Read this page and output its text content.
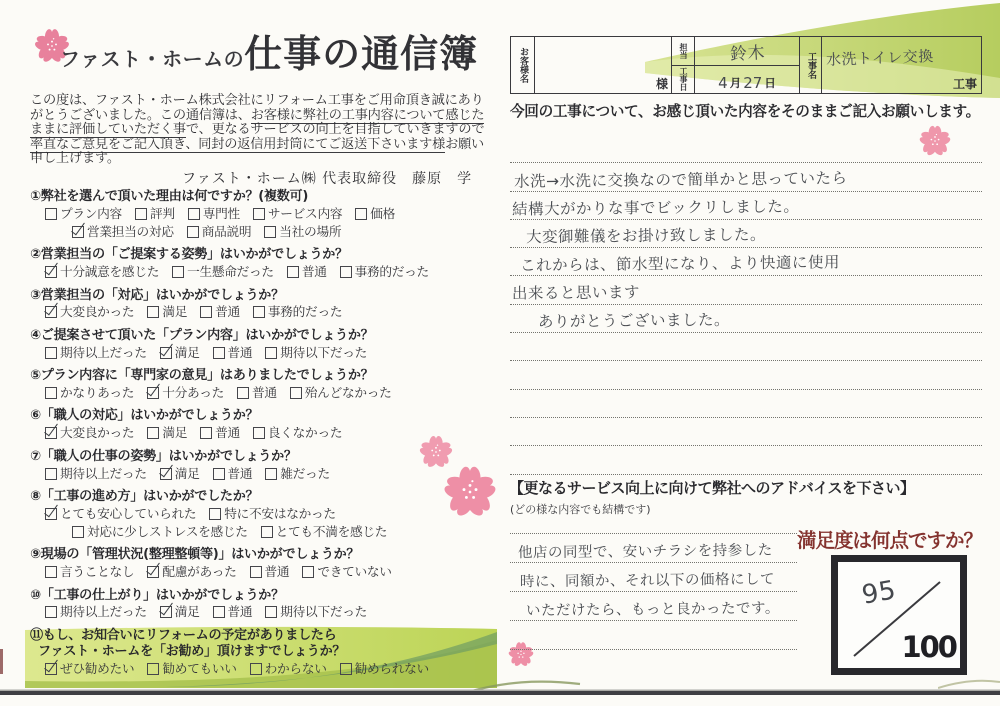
ファスト・ホームの 仕事の通信簿
この度は、ファスト・ホーム株式会社にリフォーム工事をご用命頂き誠にありがとうございました。この通信簿は、お客様に弊社の工事内容について感じたままに評価していただく事で、更なるサービスの向上を目指していきますので率直なご意見をご記入頂き、同封の返信用封筒にてご返送下さいます様お願い申し上げます。
ファスト・ホーム㈱ 代表取締役　藤原　学
①弊社を選んで頂いた理由は何ですか？(複数可)
プラン内容 評判 専門性 サービス内容 価格
営業担当の対応 商品説明 当社の場所
②営業担当の「ご提案する姿勢」はいかがでしょうか？
十分誠意を感じた 一生懸命だった 普通 事務的だった
③営業担当の「対応」はいかがでしょうか？
大変良かった 満足 普通 事務的だった
④ご提案させて頂いた「プラン内容」はいかがでしょうか？
期待以上だった 満足 普通 期待以下だった
⑤プラン内容に「専門家の意見」はありましたでしょうか？
かなりあった 十分あった 普通 殆んどなかった
⑥「職人の対応」はいかがでしょうか？
大変良かった 満足 普通 良くなかった
⑦「職人の仕事の姿勢」はいかがでしょうか？
期待以上だった 満足 普通 雑だった
⑧「工事の進め方」はいかがでしたか？
とても安心していられた 特に不安はなかった
対応に少しストレスを感じた とても不満を感じた
⑨現場の「管理状況(整理整頓等)」はいかがでしょうか？
言うことなし 配慮があった 普通 できていない
⑩「工事の仕上がり」はいかがでしょうか？
期待以上だった 満足 普通 期待以下だった
⑪もし、お知合いにリフォームの予定がありましたら
ファスト・ホームを「お勧め」頂けますでしょうか？
ぜひ勧めたい 勧めてもいい わからない 勧められない
お客様名
様
担当
工事日
鈴木
4 月 27 日
工事名 水洗トイレ交換
工事
今回の工事について、お感じ頂いた内容をそのままご記入お願いします。
水洗→水洗に交換なので簡単かと思っていたら
結構大がかりな事でビックリしました。
大変御難儀をお掛け致しました。
これからは、節水型になり、より快適に使用
出来ると思います
ありがとうございました。
【更なるサービス向上に向けて弊社へのアドバイスを下さい】
(どの様な内容でも結構です)
他店の同型で、安いチラシを持参した
時に、同額か、それ以下の価格にして
いただけたら、もっと良かったです。
満足度は何点ですか？
95
100
